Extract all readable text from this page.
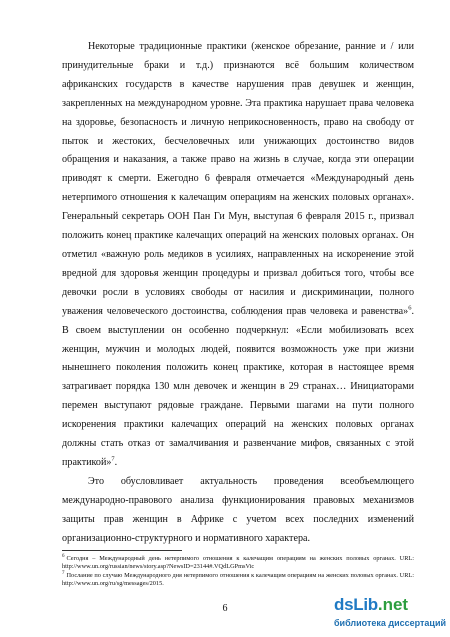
Некоторые традиционные практики (женское обрезание, ранние и / или принудительные браки и т.д.) признаются всё большим количеством африканских государств в качестве нарушения прав девушек и женщин, закрепленных на международном уровне. Эта практика нарушает права человека на здоровье, безопасность и личную неприкосновенность, право на свободу от пыток и жестоких, бесчеловечных или унижающих достоинство видов обращения и наказания, а также право на жизнь в случае, когда эти операции приводят к смерти. Ежегодно 6 февраля отмечается «Международный день нетерпимого отношения к калечащим операциям на женских половых органах». Генеральный секретарь ООН Пан Ги Мун, выступая 6 февраля 2015 г., призвал положить конец практике калечащих операций на женских половых органах. Он отметил «важную роль медиков в усилиях, направленных на искоренение этой вредной для здоровья женщин процедуры и призвал добиться того, чтобы все девочки росли в условиях свободы от насилия и дискриминации, полного уважения человеческого достоинства, соблюдения прав человека и равенства»$^6$. В своем выступлении он особенно подчеркнул: «Если мобилизовать всех женщин, мужчин и молодых людей, появится возможность уже при жизни нынешнего поколения положить конец практике, которая в настоящее время затрагивает порядка 130 млн девочек и женщин в 29 странах… Инициаторами перемен выступают рядовые граждане. Первыми шагами на пути полного искоренения практики калечащих операций на женских половых органах должны стать отказ от замалчивания и развенчание мифов, связанных с этой практикой»$^7$.

Это обусловливает актуальность проведения всеобъемлющего международно-правового анализа функционирования правовых механизмов защиты прав женщин в Африке с учетом всех последних изменений организационно-структурного и нормативного характера.

$^6$ Сегодня – Международный день нетерпимого отношения к калечащим операциям на женских половых органах. URL: http://www.un.org/russian/news/story.asp?NewsID=23144#.VQdLGPmsVic

$^7$ Послание по случаю Международного дня нетерпимого отношения к калечащим операциям на женских половых органах. URL: http://www.un.org/ru/sg/messages/2015.

6	dsLib.net
библиотека диссертаций
